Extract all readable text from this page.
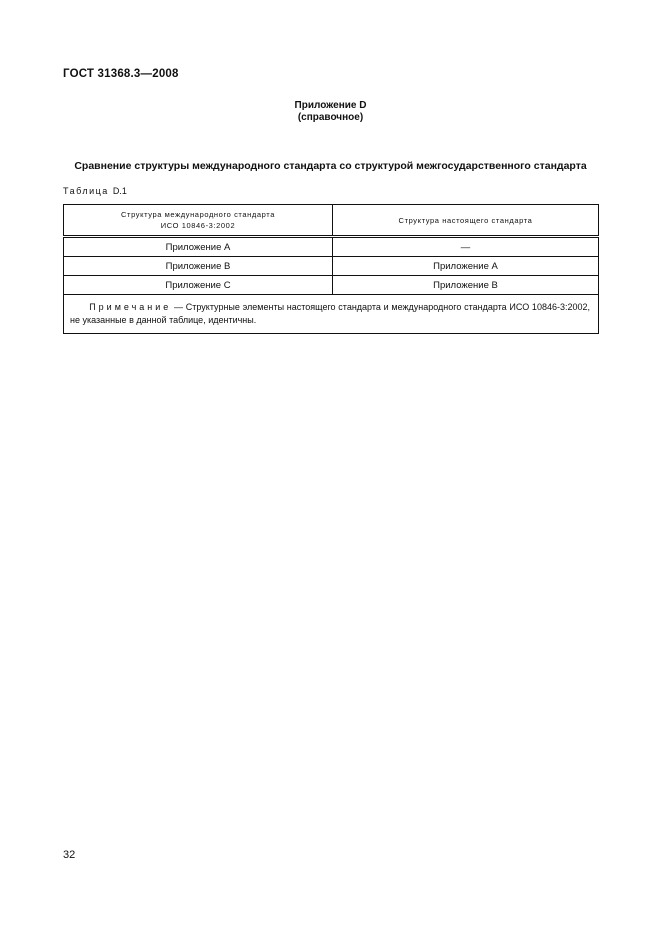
ГОСТ 31368.3—2008
Приложение D
(справочное)
Сравнение структуры международного стандарта со структурой межгосударственного стандарта
Таблица D.1
Структура международного стандарта
ИСО 10846-3:2002	Структура настоящего стандарта
Приложение А	—
Приложение В	Приложение А
Приложение С	Приложение В
Примечание — Структурные элементы настоящего стандарта и международного стандарта ИСО 10846-3:2002, не указанные в данной таблице, идентичны.	
32
